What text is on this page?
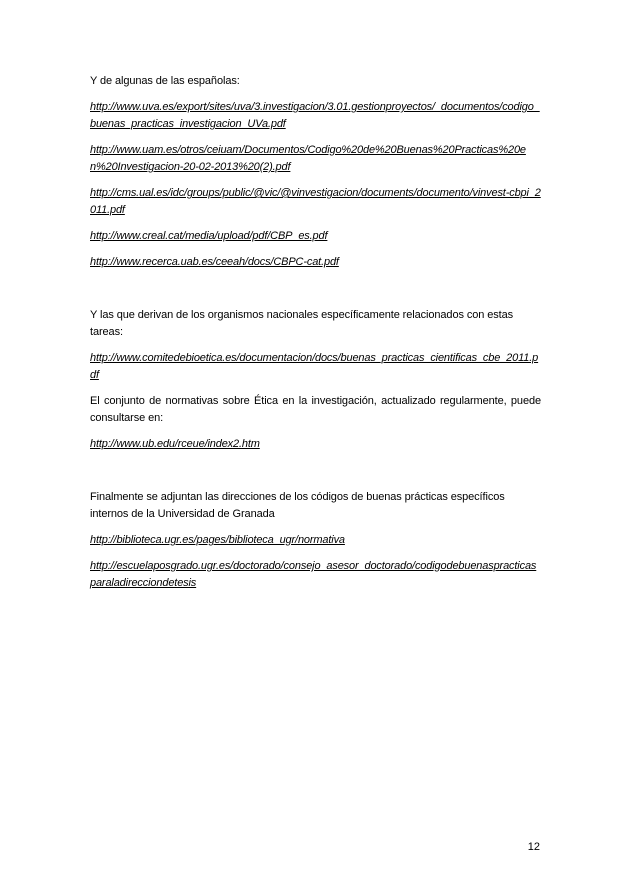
Y de algunas de las españolas:

http://www.uva.es/export/sites/uva/3.investigacion/3.01.gestionproyectos/_documentos/codigo_buenas_practicas_investigacion_UVa.pdf
http://www.uam.es/otros/ceiuam/Documentos/Codigo%20de%20Buenas%20Practicas%20en%20Investigacion-20-02-2013%20(2).pdf
http://cms.ual.es/idc/groups/public/@vic/@vinvestigacion/documents/documento/vinvest-cbpi_2011.pdf
http://www.creal.cat/media/upload/pdf/CBP_es.pdf
http://www.recerca.uab.es/ceeah/docs/CBPC-cat.pdf

Y las que derivan de los organismos nacionales específicamente relacionados con estas tareas:

http://www.comitedebioetica.es/documentacion/docs/buenas_practicas_cientificas_cbe_2011.pdf

El conjunto de normativas sobre Ética en la investigación, actualizado regularmente, puede consultarse en:

http://www.ub.edu/rceue/index2.htm

Finalmente se adjuntan las direcciones de los códigos de buenas prácticas específicos internos de la Universidad de Granada

http://biblioteca.ugr.es/pages/biblioteca_ugr/normativa
http://escuelaposgrado.ugr.es/doctorado/consejo_asesor_doctorado/codigodebuenaspracticasparaladirecciondetesis
12
